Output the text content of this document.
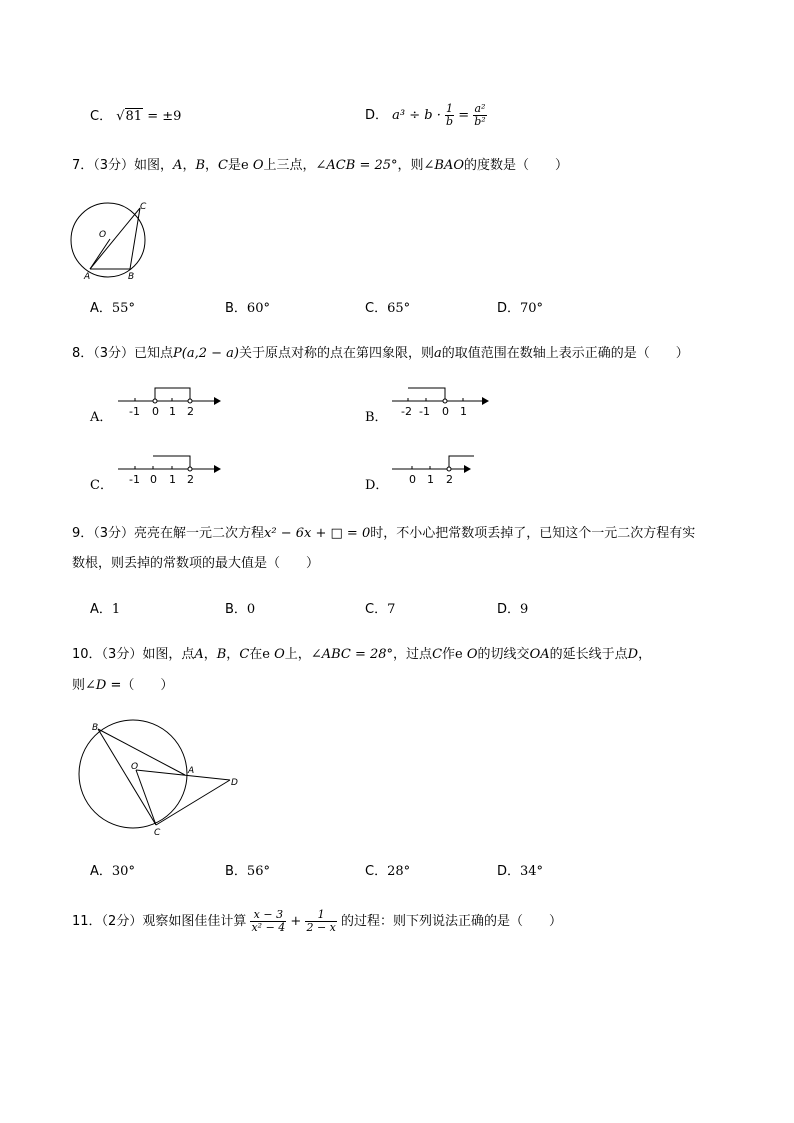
C． √81 = ±9	D． $a^3 \div b \cdot \frac{1}{b} = \frac{\text{a²}}{\text{b²}}$
7．（3分）如图，A，B，C是e O上三点，∠ACB = 25°，则∠BAO的度数是（　　）
O
A	B
C
A．55°	B．60°	C．65°	D．70°
8．（3分）已知点P(a,2 − a)关于原点对称的点在第四象限，则a的取值范围在数轴上表示正确的是（　　）
A． -1 0 1 2	B． -2 -1 0 1
C． -1 0 1 2	D． 0 1 2
9．（3分）亮亮在解一元二次方程x² − 6x + □ = 0时，不小心把常数项丢掉了，已知这个一元二次方程有实
数根，则丢掉的常数项的最大值是（　　）
A．1	B．0	C．7	D．9
10．（3分）如图，点A，B，C在e O上，∠ABC = 28°，过点C作e O的切线交OA的延长线于点D，
则∠D =（　　）
B
O	A
D
C
A．30°	B．56°	C．28°	D．34°
11．（2分）观察如图佳佳计算 $\frac{x - 3}{\text{x² − 4}} + \frac{1}{2 - x}$ 的过程：则下列说法正确的是（　　）
